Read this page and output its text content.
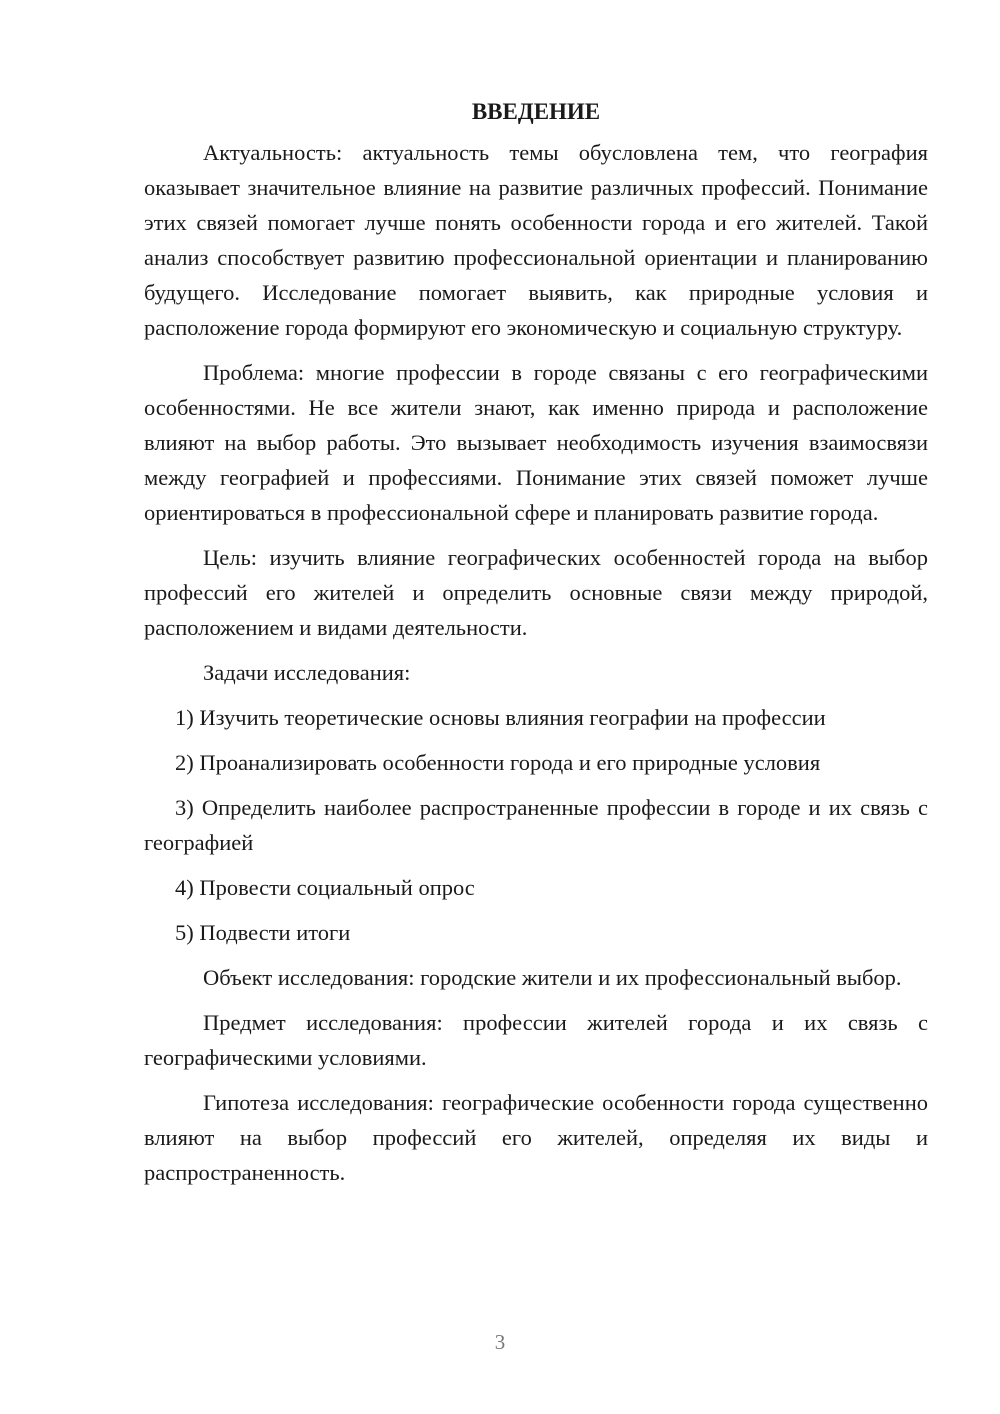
ВВЕДЕНИЕ

Актуальность: актуальность темы обусловлена тем, что география оказывает значительное влияние на развитие различных профессий. Понимание этих связей помогает лучше понять особенности города и его жителей. Такой анализ способствует развитию профессиональной ориентации и планированию будущего. Исследование помогает выявить, как природные условия и расположение города формируют его экономическую и социальную структуру.

Проблема: многие профессии в городе связаны с его географическими особенностями. Не все жители знают, как именно природа и расположение влияют на выбор работы. Это вызывает необходимость изучения взаимосвязи между географией и профессиями. Понимание этих связей поможет лучше ориентироваться в профессиональной сфере и планировать развитие города.

Цель: изучить влияние географических особенностей города на выбор профессий его жителей и определить основные связи между природой, расположением и видами деятельности.

Задачи исследования:

1) Изучить теоретические основы влияния географии на профессии

2) Проанализировать особенности города и его природные условия

3) Определить наиболее распространенные профессии в городе и их связь с географией

4) Провести социальный опрос

5) Подвести итоги

Объект исследования: городские жители и их профессиональный выбор.

Предмет исследования: профессии жителей города и их связь с географическими условиями.

Гипотеза исследования: географические особенности города существенно влияют на выбор профессий его жителей, определяя их виды и распространенность.

3
